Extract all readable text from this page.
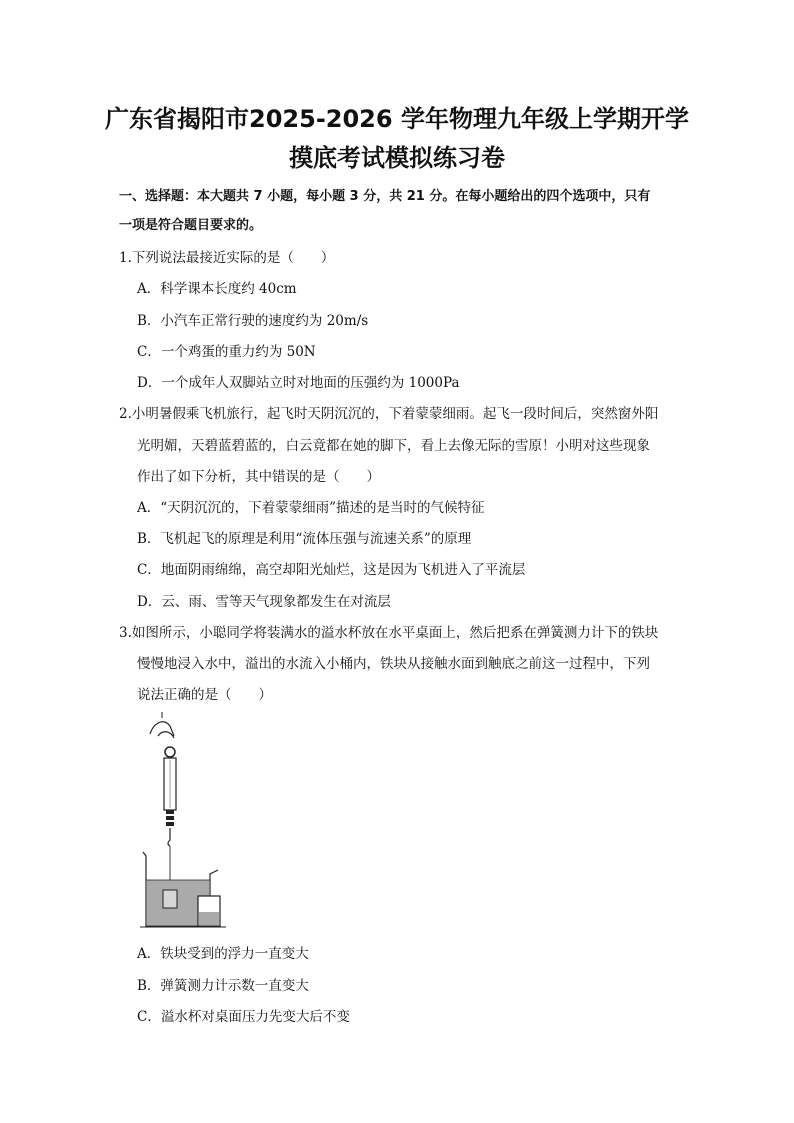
广东省揭阳市2025-2026 学年物理九年级上学期开学
摸底考试模拟练习卷
一、选择题：本大题共 7 小题，每小题 3 分，共 21 分。在每小题给出的四个选项中，只有
一项是符合题目要求的。
1.下列说法最接近实际的是（　　）
A．科学课本长度约 40cm
B．小汽车正常行驶的速度约为 20m/s
C．一个鸡蛋的重力约为 50N
D．一个成年人双脚站立时对地面的压强约为 1000Pa
2.小明暑假乘飞机旅行，起飞时天阴沉沉的，下着蒙蒙细雨。起飞一段时间后，突然窗外阳
光明媚，天碧蓝碧蓝的，白云竟都在她的脚下，看上去像无际的雪原！小明对这些现象
作出了如下分析，其中错误的是（　　）
A．“天阴沉沉的，下着蒙蒙细雨”描述的是当时的气候特征
B．飞机起飞的原理是利用“流体压强与流速关系”的原理
C．地面阴雨绵绵，高空却阳光灿烂，这是因为飞机进入了平流层
D．云、雨、雪等天气现象都发生在对流层
3.如图所示，小聪同学将装满水的溢水杯放在水平桌面上，然后把系在弹簧测力计下的铁块
慢慢地浸入水中，溢出的水流入小桶内，铁块从接触水面到触底之前这一过程中，下列
说法正确的是（　　）
A．铁块受到的浮力一直变大
B．弹簧测力计示数一直变大
C．溢水杯对桌面压力先变大后不变
